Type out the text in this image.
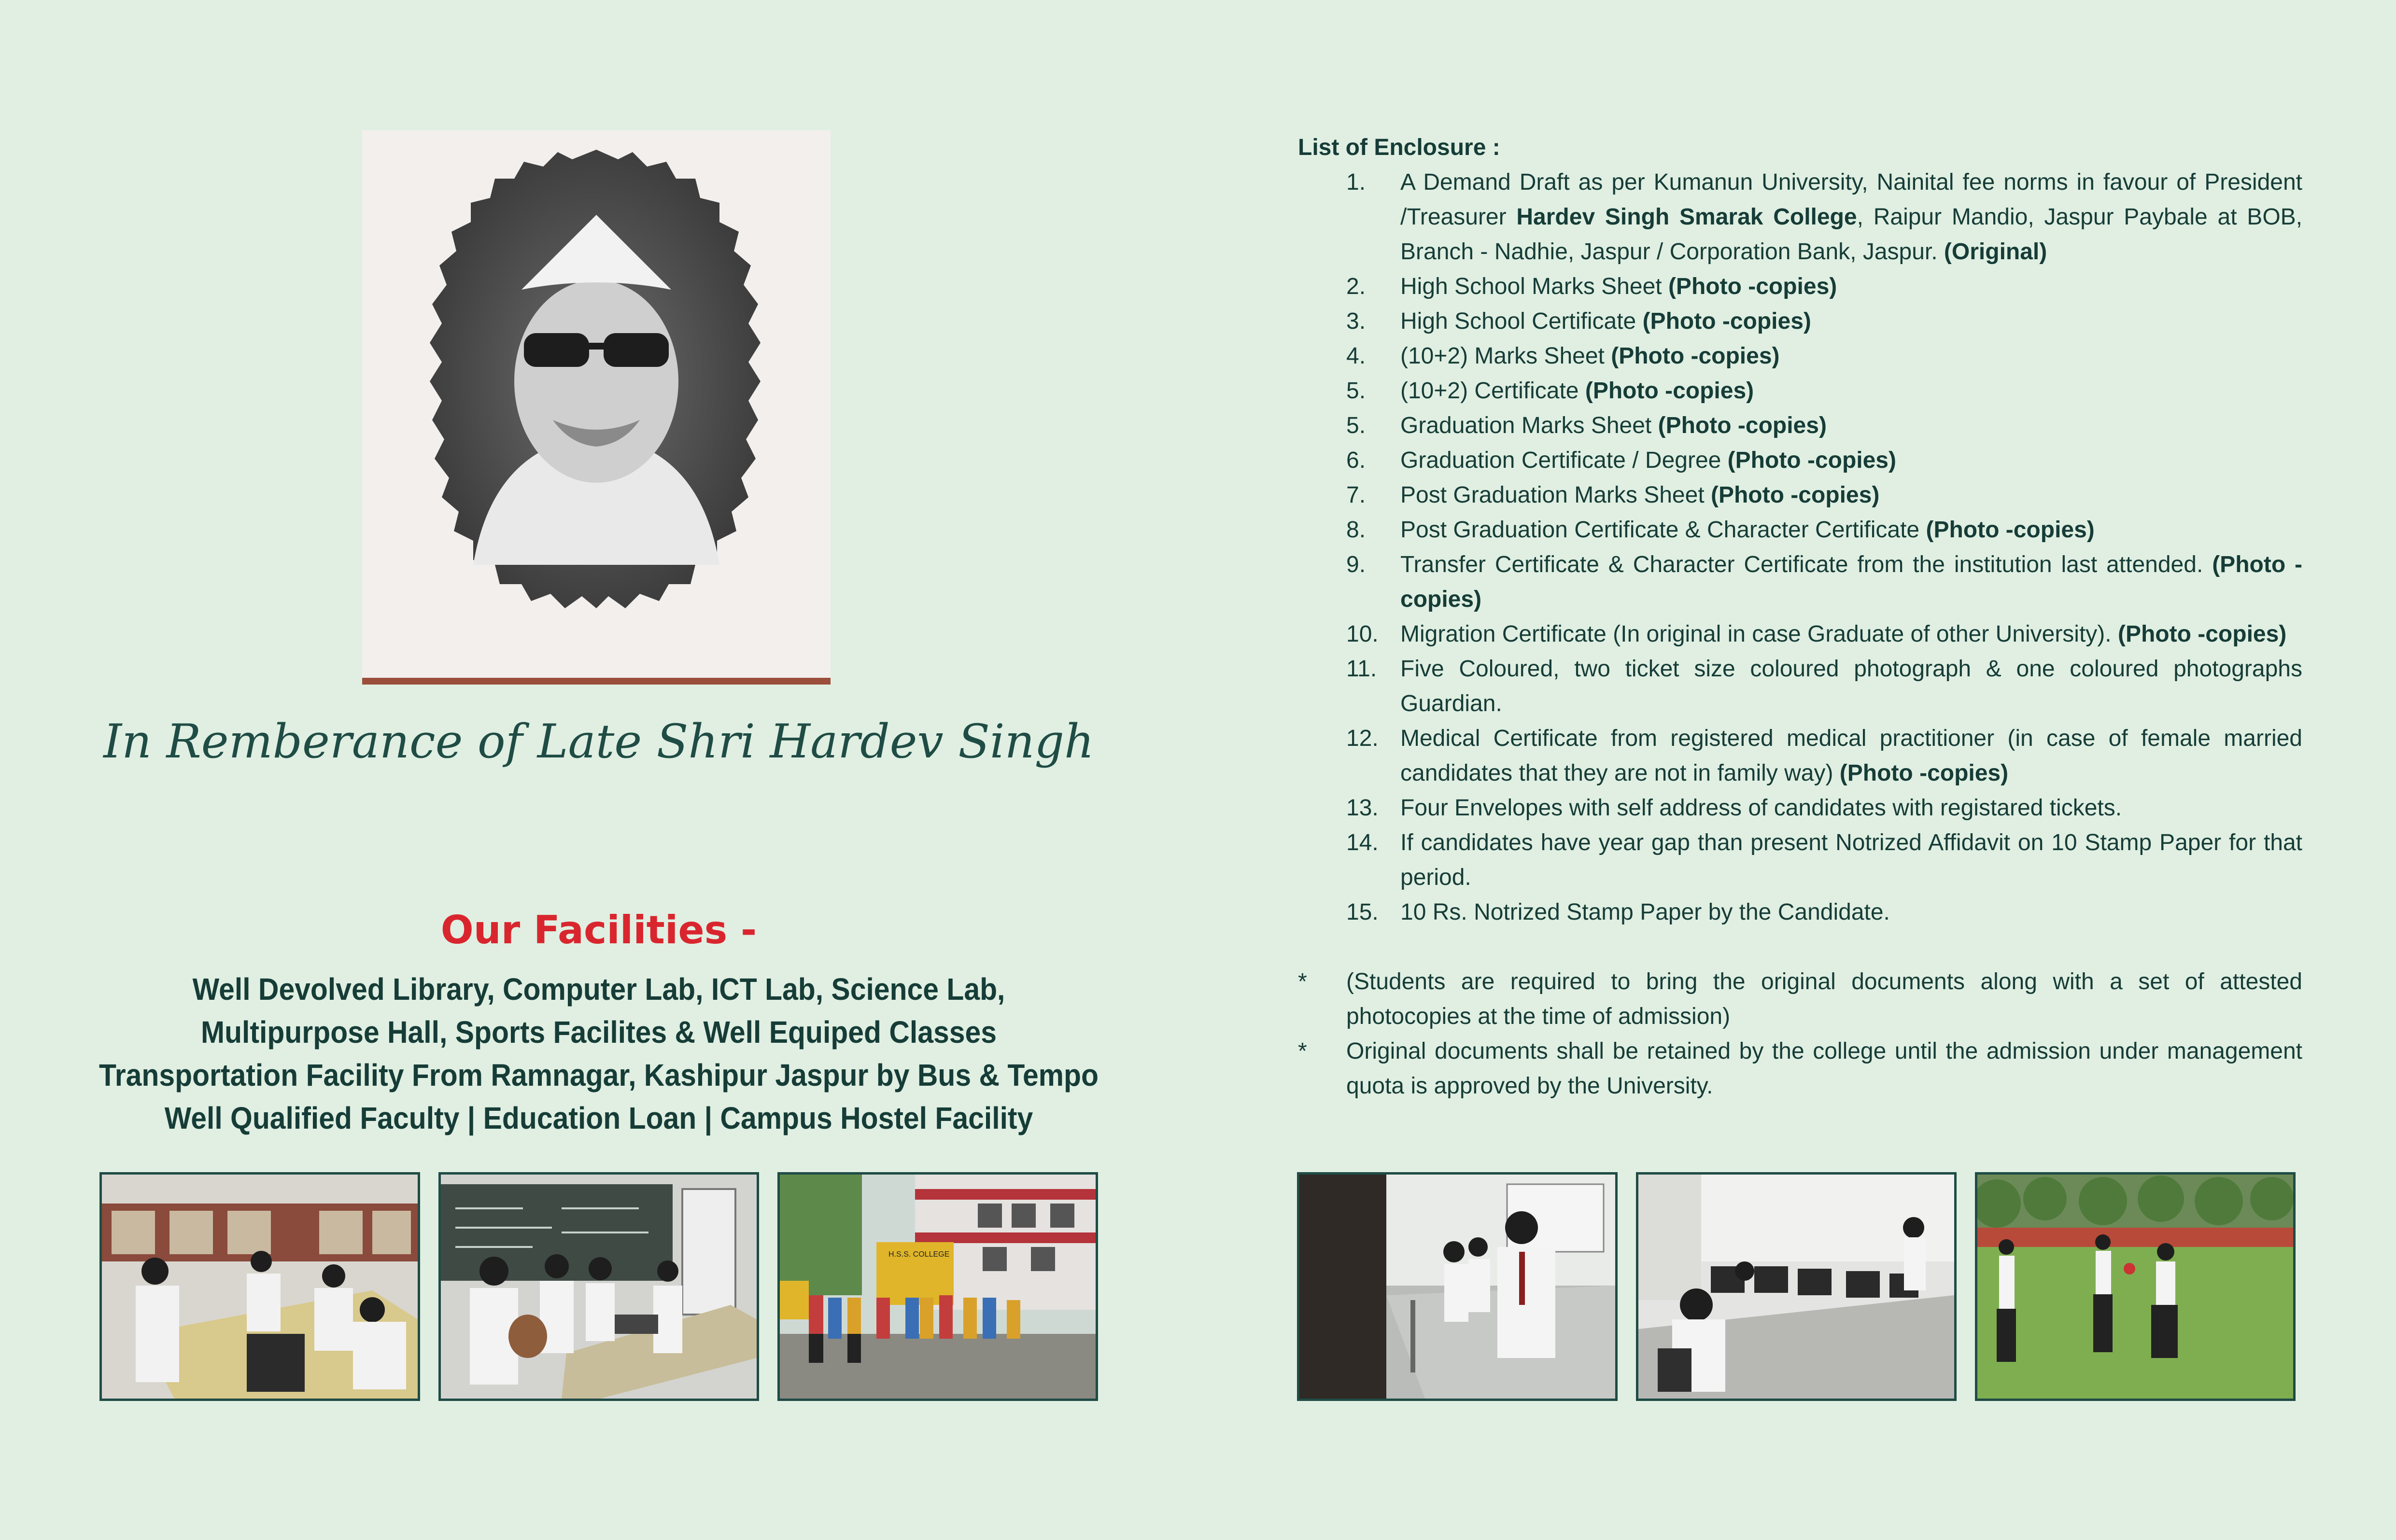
In Remberance of Late Shri Hardev Singh
Our Facilities -
Well Devolved Library, Computer Lab, ICT Lab, Science Lab,
Multipurpose Hall, Sports Facilites & Well Equiped Classes
Transportation Facility From Ramnagar, Kashipur Jaspur by Bus & Tempo
Well Qualified Faculty | Education Loan | Campus Hostel Facility
H.S.S. COLLEGE
List of Enclosure :
1. A Demand Draft as per Kumanun University, Nainital fee norms in favour of President /Treasurer Hardev Singh Smarak College, Raipur Mandio, Jaspur Paybale at BOB, Branch - Nadhie, Jaspur / Corporation Bank, Jaspur. (Original)
2. High School Marks Sheet (Photo -copies)
3. High School Certificate (Photo -copies)
4. (10+2) Marks Sheet (Photo -copies)
5. (10+2) Certificate (Photo -copies)
5. Graduation Marks Sheet (Photo -copies)
6. Graduation Certificate / Degree (Photo -copies)
7. Post Graduation Marks Sheet (Photo -copies)
8. Post Graduation Certificate & Character Certificate (Photo -copies)
9. Transfer Certificate & Character Certificate from the institution last attended. (Photo - copies)
10. Migration Certificate (In original in case Graduate of other University). (Photo -copies)
11. Five Coloured, two ticket size coloured photograph & one coloured photographs Guardian.
12. Medical Certificate from registered medical practitioner (in case of female married candidates that they are not in family way) (Photo -copies)
13. Four Envelopes with self address of candidates with registared tickets.
14. If candidates have year gap than present Notrized Affidavit on 10 Stamp Paper for that period.
15. 10 Rs. Notrized Stamp Paper by the Candidate.
* (Students are required to bring the original documents along with a set of attested photocopies at the time of admission)
* Original documents shall be retained by the college until the admission under management quota is approved by the University.
